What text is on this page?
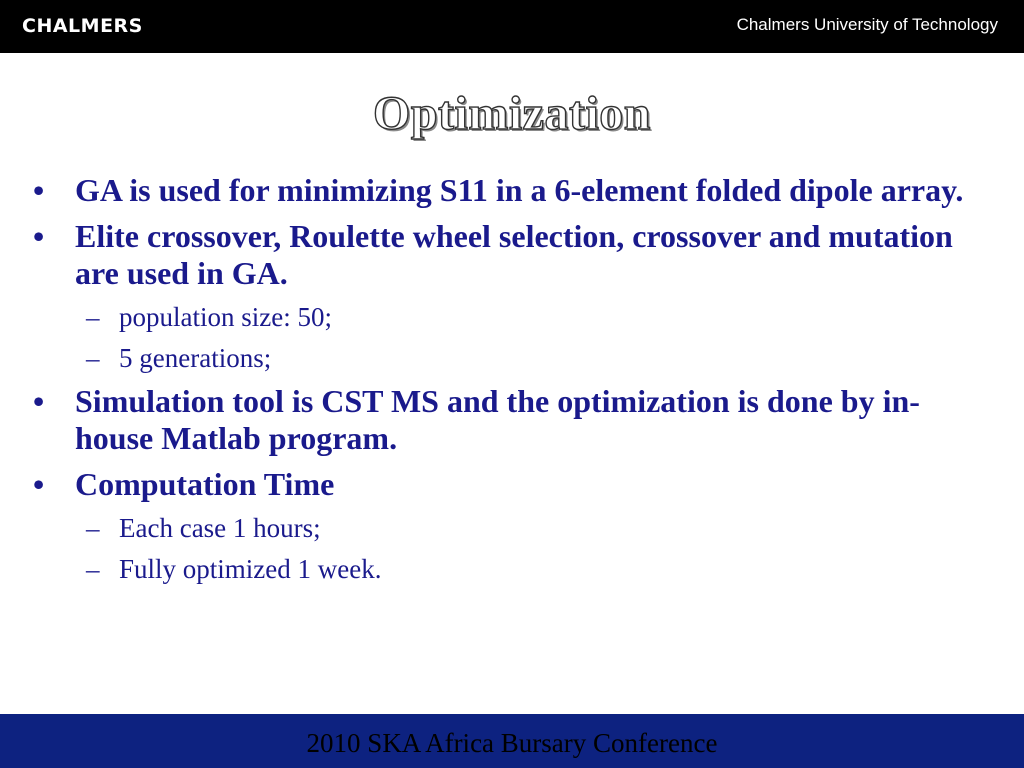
CHALMERS	Chalmers University of Technology
Optimization
• GA is used for minimizing S11 in a 6-element folded dipole array.
• Elite crossover, Roulette wheel selection, crossover and mutation are used in GA.
– population size: 50;
– 5 generations;
• Simulation tool is CST MS and the optimization is done by in-house Matlab program.
• Computation Time
– Each case 1 hours;
– Fully optimized 1 week.
2010 SKA Africa Bursary Conference
